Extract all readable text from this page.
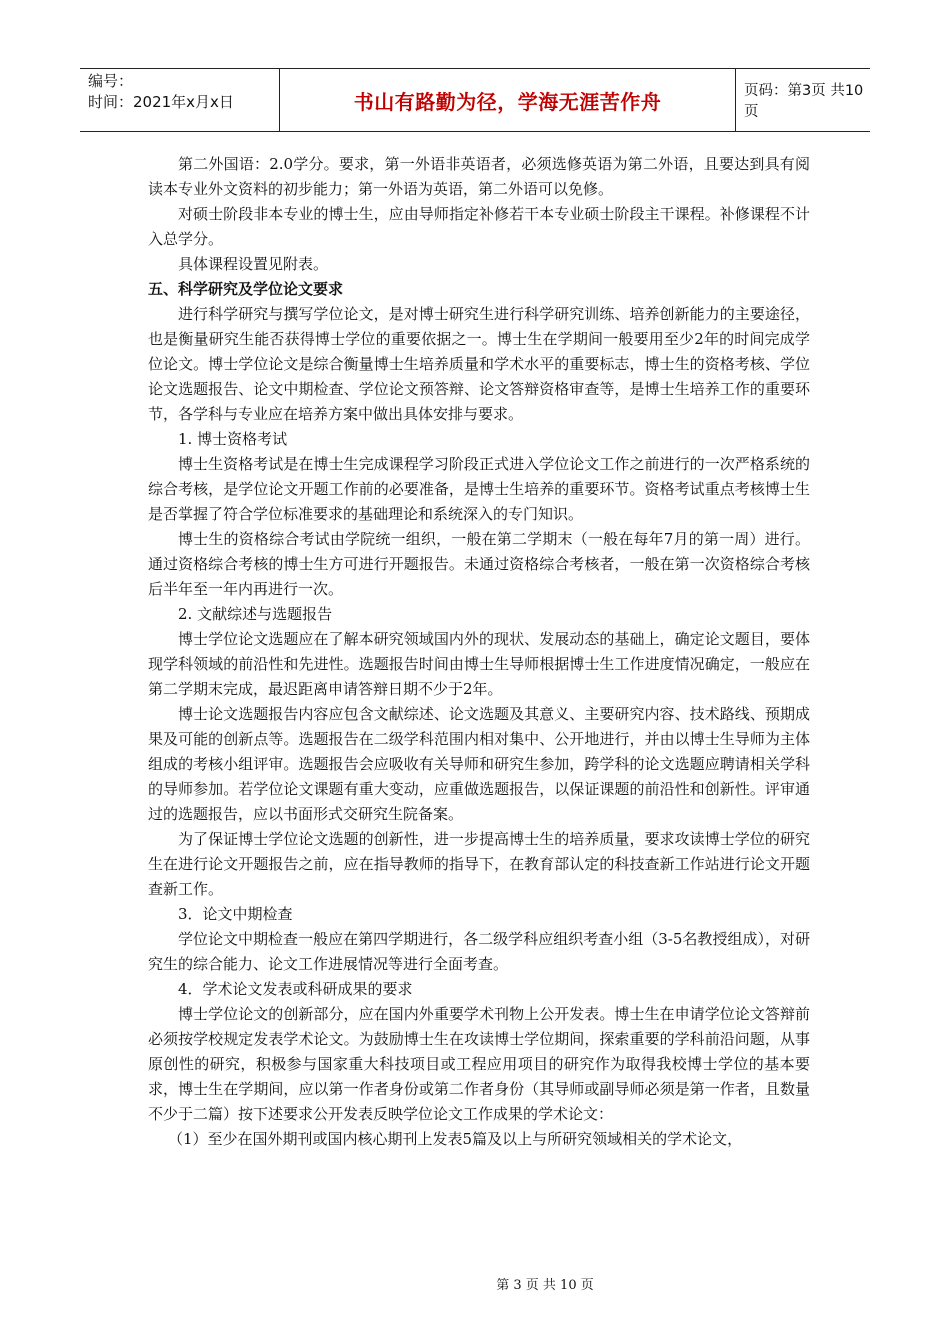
编号：
时间：2021年x月x日	书山有路勤为径，学海无涯苦作舟	页码：第3页 共10页

第二外国语：2.0学分。要求，第一外语非英语者，必须选修英语为第二外语，且要达到具有阅读本专业外文资料的初步能力；第一外语为英语，第二外语可以免修。

对硕士阶段非本专业的博士生，应由导师指定补修若干本专业硕士阶段主干课程。补修课程不计入总学分。

具体课程设置见附表。

五、科学研究及学位论文要求

进行科学研究与撰写学位论文，是对博士研究生进行科学研究训练、培养创新能力的主要途径，也是衡量研究生能否获得博士学位的重要依据之一。博士生在学期间一般要用至少2年的时间完成学位论文。博士学位论文是综合衡量博士生培养质量和学术水平的重要标志，博士生的资格考核、学位论文选题报告、论文中期检查、学位论文预答辩、论文答辩资格审查等，是博士生培养工作的重要环节，各学科与专业应在培养方案中做出具体安排与要求。

1. 博士资格考试

博士生资格考试是在博士生完成课程学习阶段正式进入学位论文工作之前进行的一次严格系统的综合考核，是学位论文开题工作前的必要准备，是博士生培养的重要环节。资格考试重点考核博士生是否掌握了符合学位标准要求的基础理论和系统深入的专门知识。

博士生的资格综合考试由学院统一组织，一般在第二学期末（一般在每年7月的第一周）进行。通过资格综合考核的博士生方可进行开题报告。未通过资格综合考核者，一般在第一次资格综合考核后半年至一年内再进行一次。

2. 文献综述与选题报告

博士学位论文选题应在了解本研究领域国内外的现状、发展动态的基础上，确定论文题目，要体现学科领域的前沿性和先进性。选题报告时间由博士生导师根据博士生工作进度情况确定，一般应在第二学期末完成，最迟距离申请答辩日期不少于2年。

博士论文选题报告内容应包含文献综述、论文选题及其意义、主要研究内容、技术路线、预期成果及可能的创新点等。选题报告在二级学科范围内相对集中、公开地进行，并由以博士生导师为主体组成的考核小组评审。选题报告会应吸收有关导师和研究生参加，跨学科的论文选题应聘请相关学科的导师参加。若学位论文课题有重大变动，应重做选题报告，以保证课题的前沿性和创新性。评审通过的选题报告，应以书面形式交研究生院备案。

为了保证博士学位论文选题的创新性，进一步提高博士生的培养质量，要求攻读博士学位的研究生在进行论文开题报告之前，应在指导教师的指导下，在教育部认定的科技查新工作站进行论文开题查新工作。

3．论文中期检查

学位论文中期检查一般应在第四学期进行，各二级学科应组织考查小组（3-5名教授组成），对研究生的综合能力、论文工作进展情况等进行全面考查。

4．学术论文发表或科研成果的要求

博士学位论文的创新部分，应在国内外重要学术刊物上公开发表。博士生在申请学位论文答辩前必须按学校规定发表学术论文。为鼓励博士生在攻读博士学位期间，探索重要的学科前沿问题，从事原创性的研究，积极参与国家重大科技项目或工程应用项目的研究作为取得我校博士学位的基本要求，博士生在学期间，应以第一作者身份或第二作者身份（其导师或副导师必须是第一作者，且数量不少于二篇）按下述要求公开发表反映学位论文工作成果的学术论文：

（1）至少在国外期刊或国内核心期刊上发表5篇及以上与所研究领域相关的学术论文，

第 3 页 共 10 页
